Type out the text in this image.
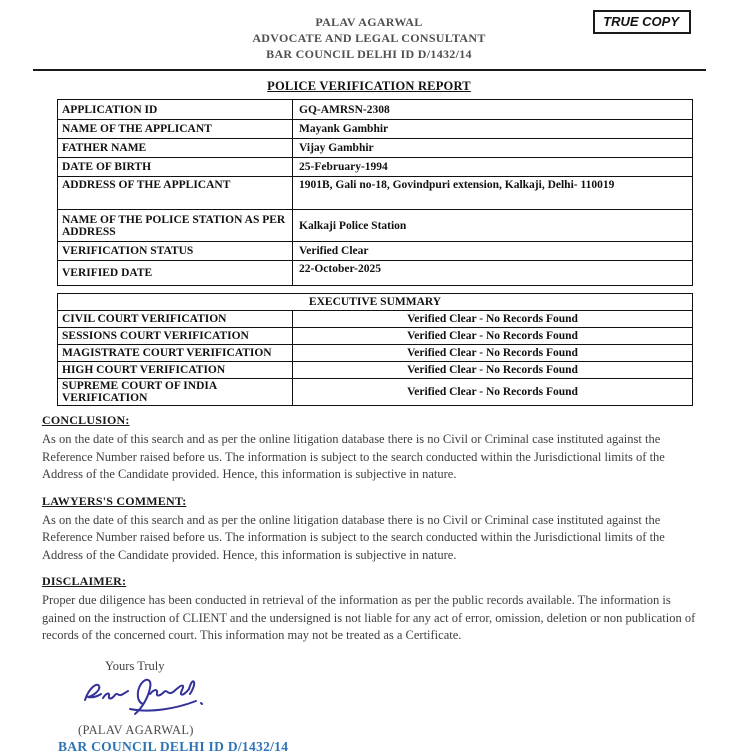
PALAV AGARWAL
ADVOCATE AND LEGAL CONSULTANT
BAR COUNCIL DELHI ID D/1432/14
TRUE COPY
POLICE VERIFICATION REPORT
APPLICATION ID	GQ-AMRSN-2308
NAME OF THE APPLICANT	Mayank Gambhir
FATHER NAME	Vijay Gambhir
DATE OF BIRTH	25-February-1994
ADDRESS OF THE APPLICANT	1901B, Gali no-18, Govindpuri extension, Kalkaji, Delhi- 110019
NAME OF THE POLICE STATION AS PER ADDRESS	Kalkaji Police Station
VERIFICATION STATUS	Verified Clear
VERIFIED DATE	22-October-2025
EXECUTIVE SUMMARY	
CIVIL COURT VERIFICATION	Verified Clear - No Records Found
SESSIONS COURT VERIFICATION	Verified Clear - No Records Found
MAGISTRATE COURT VERIFICATION	Verified Clear - No Records Found
HIGH COURT VERIFICATION	Verified Clear - No Records Found
SUPREME COURT OF INDIA VERIFICATION	Verified Clear - No Records Found
CONCLUSION:
As on the date of this search and as per the online litigation database there is no Civil or Criminal case instituted against the Reference Number raised before us. The information is subject to the search conducted within the Jurisdictional limits of the Address of the Candidate provided. Hence, this information is subjective in nature.
LAWYERS'S COMMENT:
As on the date of this search and as per the online litigation database there is no Civil or Criminal case instituted against the Reference Number raised before us. The information is subject to the search conducted within the Jurisdictional limits of the Address of the Candidate provided. Hence, this information is subjective in nature.
DISCLAIMER:
Proper due diligence has been conducted in retrieval of the information as per the public records available. The information is gained on the instruction of CLIENT and the undersigned is not liable for any act of error, omission, deletion or non publication of records of the concerned court. This information may not be treated as a Certificate.
Yours Truly
(PALAV AGARWAL)
BAR COUNCIL DELHI ID D/1432/14
